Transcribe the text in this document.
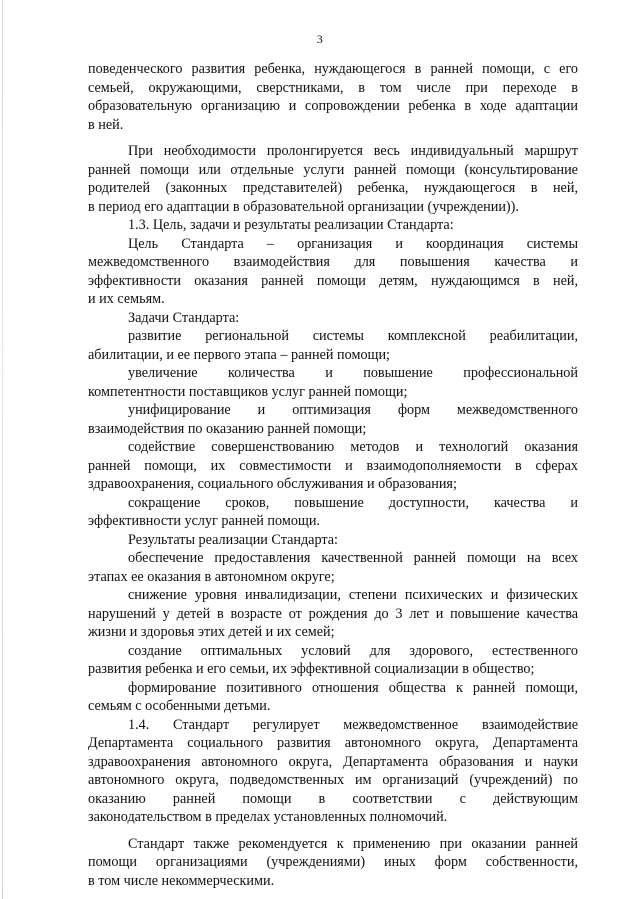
3
поведенческого развития ребенка, нуждающегося в ранней помощи, с его
семьей, окружающими, сверстниками, в том числе при переходе в
образовательную организацию и сопровождении ребенка в ходе адаптации
в ней.
При необходимости пролонгируется весь индивидуальный маршрут
ранней помощи или отдельные услуги ранней помощи (консультирование
родителей (законных представителей) ребенка, нуждающегося в ней,
в период его адаптации в образовательной организации (учреждении)).
1.3. Цель, задачи и результаты реализации Стандарта:
Цель Стандарта – организация и координация системы
межведомственного взаимодействия для повышения качества и
эффективности оказания ранней помощи детям, нуждающимся в ней,
и их семьям.
Задачи Стандарта:
развитие региональной системы комплексной реабилитации,
абилитации, и ее первого этапа – ранней помощи;
увеличение количества и повышение профессиональной
компетентности поставщиков услуг ранней помощи;
унифицирование и оптимизация форм межведомственного
взаимодействия по оказанию ранней помощи;
содействие совершенствованию методов и технологий оказания
ранней помощи, их совместимости и взаимодополняемости в сферах
здравоохранения, социального обслуживания и образования;
сокращение сроков, повышение доступности, качества и
эффективности услуг ранней помощи.
Результаты реализации Стандарта:
обеспечение предоставления качественной ранней помощи на всех
этапах ее оказания в автономном округе;
снижение уровня инвалидизации, степени психических и физических
нарушений у детей в возрасте от рождения до 3 лет и повышение качества
жизни и здоровья этих детей и их семей;
создание оптимальных условий для здорового, естественного
развития ребенка и его семьи, их эффективной социализации в общество;
формирование позитивного отношения общества к ранней помощи,
семьям с особенными детьми.
1.4. Стандарт регулирует межведомственное взаимодействие
Департамента социального развития автономного округа, Департамента
здравоохранения автономного округа, Департамента образования и науки
автономного округа, подведомственных им организаций (учреждений) по
оказанию ранней помощи в соответствии с действующим
законодательством в пределах установленных полномочий.
Стандарт также рекомендуется к применению при оказании ранней
помощи организациями (учреждениями) иных форм собственности,
в том числе некоммерческими.
